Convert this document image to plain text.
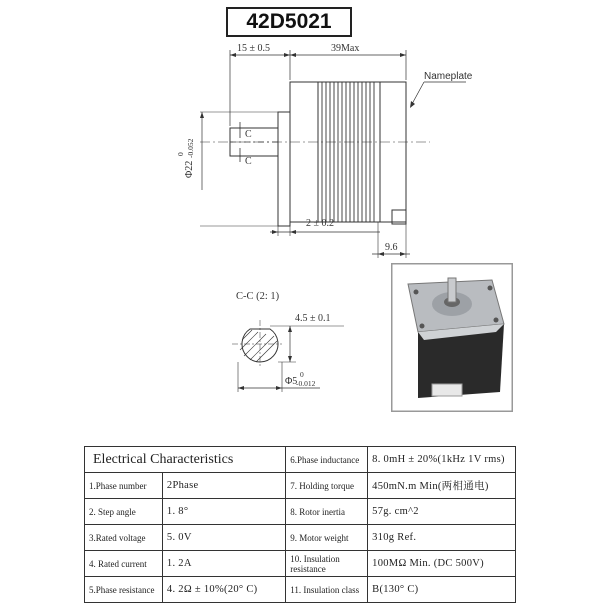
42D5021
15 ± 0.5	39Max
Nameplate
C
C
2 ± 0.2
9.6
C-C (2: 1)
4.5 ± 0.1
Φ5
0
-0.012
Φ22
0 -0.052
Electrical Characteristics		6.Phase inductance	8. 0mH ± 20%(1kHz 1V rms)
1.Phase number	2Phase	7. Holding torque	450mN.m Min(两相通电)
2. Step angle	1. 8°	8. Rotor inertia	57g. cm^2
3.Rated voltage	5. 0V	9. Motor weight	310g Ref.
4. Rated current	1. 2A	10. Insulation resistance	100MΩ Min. (DC 500V)
5.Phase resistance	4. 2Ω ± 10%(20° C)	11. Insulation class	B(130° C)
